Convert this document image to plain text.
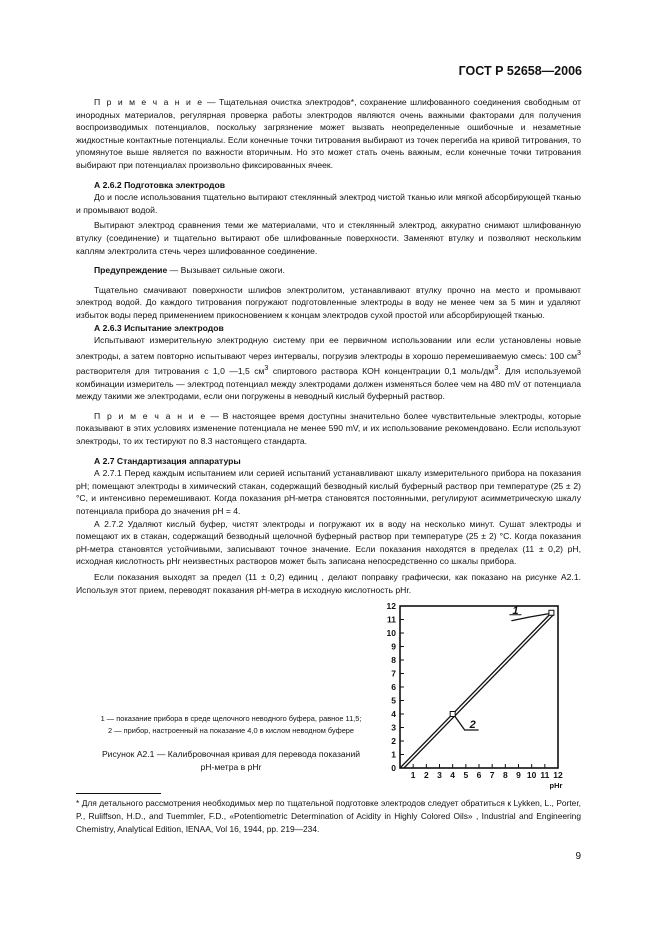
ГОСТ Р 52658—2006

П р и м е ч а н и е — Тщательная очистка электродов*, сохранение шлифованного соединения свободным от инородных материалов, регулярная проверка работы электродов являются очень важными факторами для получения воспроизводимых потенциалов, поскольку загрязнение может вызвать неопределенные ошибочные и незаметные жидкостные контактные потенциалы. Если конечные точки титрования выбирают из точек перегиба на кривой титрования, то упомянутое выше является по важности вторичным. Но это может стать очень важным, если конечные точки титрования выбирают при потенциалах произвольно фиксированных ячеек.

А 2.6.2 Подготовка электродов

До и после использования тщательно вытирают стеклянный электрод чистой тканью или мягкой абсорбирующей тканью и промывают водой.

Вытирают электрод сравнения теми же материалами, что и стеклянный электрод, аккуратно снимают шлифованную втулку (соединение) и тщательно вытирают обе шлифованные поверхности. Заменяют втулку и позволяют нескольким каплям электролита стечь через шлифованное соединение.

Предупреждение — Вызывает сильные ожоги.

Тщательно смачивают поверхности шлифов электролитом, устанавливают втулку прочно на место и промывают электрод водой. До каждого титрования погружают подготовленные электроды в воду не менее чем за 5 мин и удаляют избыток воды перед применением прикосновением к концам электродов сухой простой или абсорбирующей тканью.

А 2.6.3 Испытание электродов

Испытывают измерительную электродную систему при ее первичном использовании или если установлены новые электроды, а затем повторно испытывают через интервалы, погрузив электроды в хорошо перемешиваемую смесь: 100 $см^3$ растворителя для титрования с 1,0 —1,5 $см^3$ спиртового раствора КОН концентрации 0,1 моль/$дм^3$. Для используемой комбинации измеритель — электрод потенциал между электродами должен изменяться более чем на 480 mV от потенциала между такими же электродами, если они погружены в неводный кислый буферный раствор.

П р и м е ч а н и е — В настоящее время доступны значительно более чувствительные электроды, которые показывают в этих условиях изменение потенциала не менее 590 mV, и их использование рекомендовано. Если используют электроды, то их тестируют по 8.3 настоящего стандарта.

А 2.7 Стандартизация аппаратуры

А 2.7.1 Перед каждым испытанием или серией испытаний устанавливают шкалу измерительного прибора на показания pH; помещают электроды в химический стакан, содержащий безводный кислый буферный раствор при температуре (25 ± 2) °С, и интенсивно перемешивают. Когда показания pH-метра становятся постоянными, регулируют асимметрическую шкалу потенциала прибора до значения pH = 4.

А 2.7.2 Удаляют кислый буфер, чистят электроды и погружают их в воду на несколько минут. Сушат электроды и помещают их в стакан, содержащий безводный щелочной буферный раствор при температуре (25 ± 2) °С. Когда показания pH-метра становятся устойчивыми, записывают точное значение. Если показания находятся в пределах (11 ± 0,2) pH, исходная кислотность pHr неизвестных растворов может быть записана непосредственно со шкалы прибора.

Если показания выходят за предел (11 ± 0,2) единиц , делают поправку графически, как показано на рисунке А2.1. Используя этот прием, переводят показания pH-метра в исходную кислотность pHr.

1 — показание прибора в среде щелочного неводного буфера, равное 11,5;
2 — прибор, настроенный на показание 4,0 в кислом неводном буфере
Рисунок А2.1 — Калибровочная кривая для перевода показаний
pH-метра в pHr
1 2 3 4 5 6 7 8 9 10 11 12
0
1
2
3
4
5
6
7
8
9
10
11
12
pHr
1
2
* Для детального рассмотрения необходимых мер по тщательной подготовке электродов следует обратиться к Lykken, L., Porter, P., Ruliffson, H.D., and Tuemmler, F.D., «Potentiometric Determination of Acidity in Highly Colored Oils» , Industrial and Engineering Chemistry, Analytical Edition, IENAA, Vol 16, 1944, pp. 219—234.
9
